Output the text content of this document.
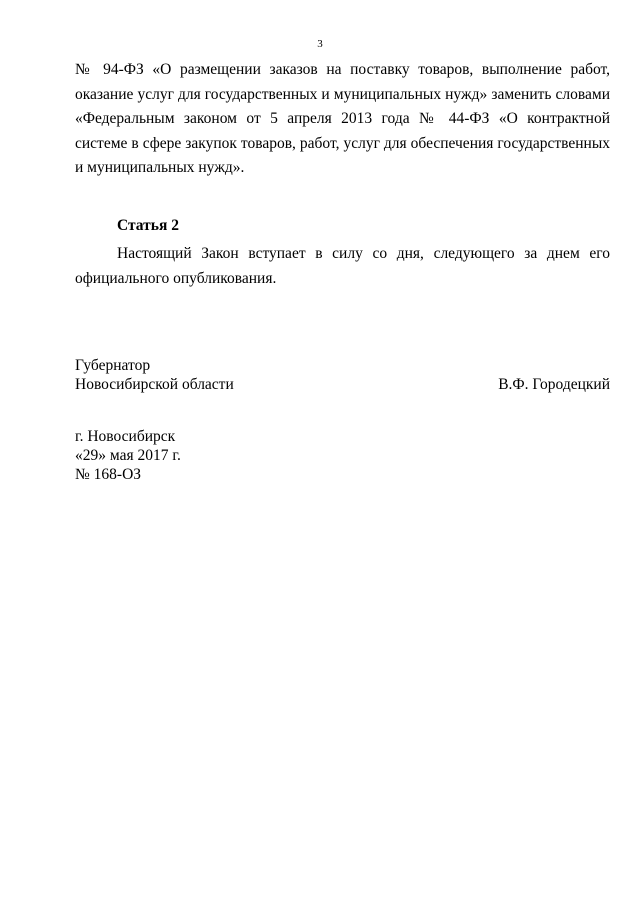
3
№ 94-ФЗ «О размещении заказов на поставку товаров, выполнение работ,
оказание услуг для государственных и муниципальных нужд» заменить словами
«Федеральным законом от 5 апреля 2013 года № 44-ФЗ «О контрактной
системе в сфере закупок товаров, работ, услуг для обеспечения государственных
и муниципальных нужд».
Статья 2
Настоящий Закон вступает в силу со дня, следующего за днем его
официального опубликования.
Губернатор
Новосибирской области	В.Ф. Городецкий
г. Новосибирск
«29» мая 2017 г.
№ 168-ОЗ
